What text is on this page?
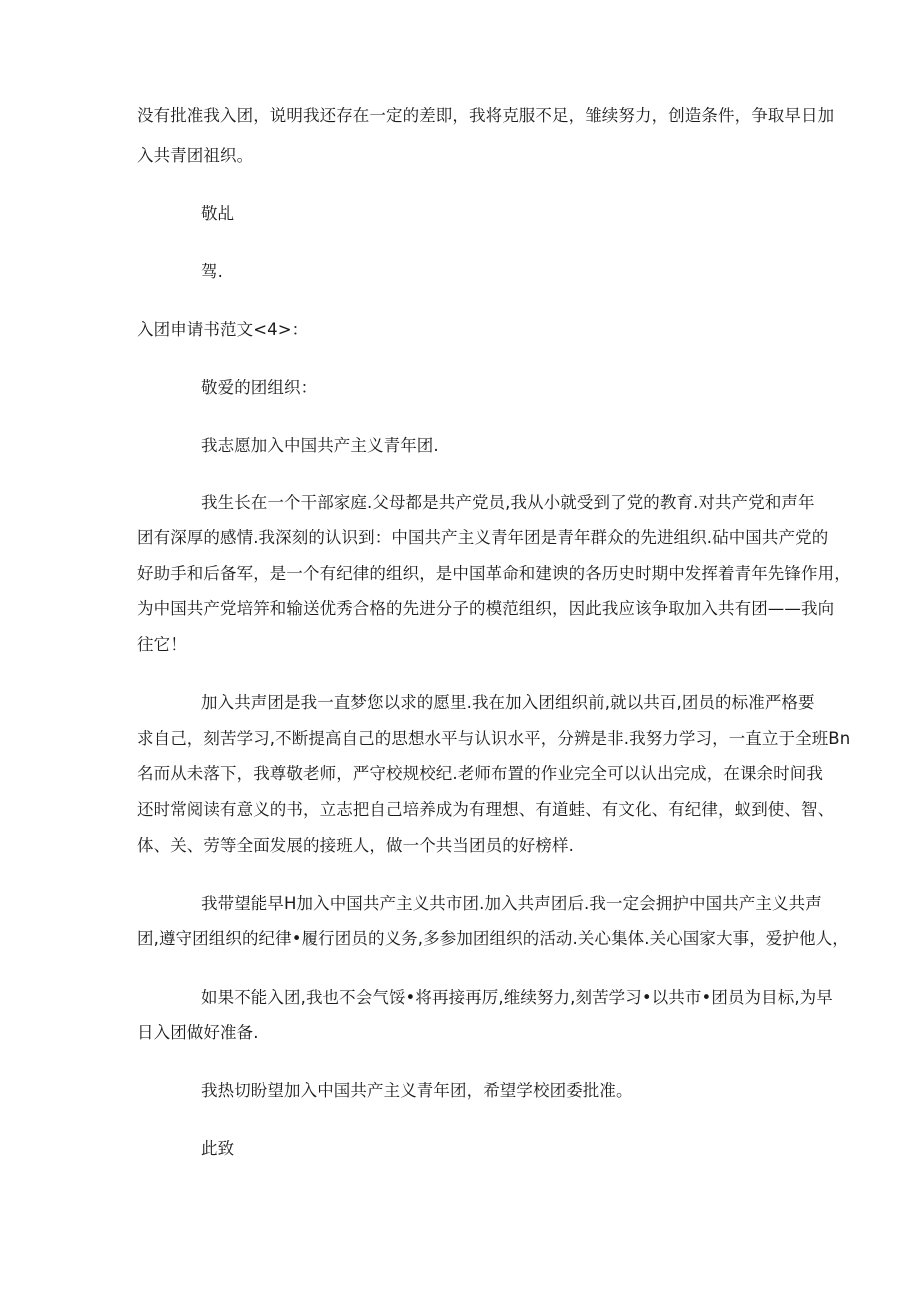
没有批准我入团，说明我还存在一定的差即，我将克服不足，雏续努力，创造条件，争取早日加
入共青团祖织。
敬乩
驾.
入团申请书范文<4>：
敬爱的团组织：
我志愿加入中国共产主义青年团.
我生长在一个干部家庭.父母都是共产党员,我从小就受到了党的教育.对共产党和声年
团有深厚的感情.我深刻的认识到：中国共产主义青年团是青年群众的先进组织.砧中国共产党的
好助手和后备军，是一个有纪律的组织，是中国革命和建谀的各历史时期中发挥着青年先锋作用，
为中国共产党培笄和输送优秀合格的先进分子的模范组织，因此我应该争取加入共有团——我向
往它！
加入共声团是我一直梦您以求的愿里.我在加入团组织前,就以共百,团员的标准严格要
求自己，刻苦学习,不断提高自己的思想水平与认识水平，分辨是非.我努力学习，一直立于全班Bn
名而从未落下，我尊敬老师，严守校规校纪.老师布置的作业完全可以认出完成，在课余时间我
还时常阅读有意义的书，立志把自己培养成为有理想、有道蛙、有文化、有纪律，蚁到使、智、
体、关、劳等全面发展的接班人，做一个共当团员的好榜样.
我带望能早H加入中国共产主义共市团.加入共声团后.我一定会拥护中国共产主义共声
团,遵守团组织的纪律•履行团员的义务,多参加团组织的活动.关心集体.关心国家大事，爱护他人，
如果不能入团,我也不会气馁•将再接再厉,维续努力,刻苦学习•以共市•团员为目标,为早
日入团做好准备.
我热切盼望加入中国共产主义青年团，希望学校团委批准。
此致
